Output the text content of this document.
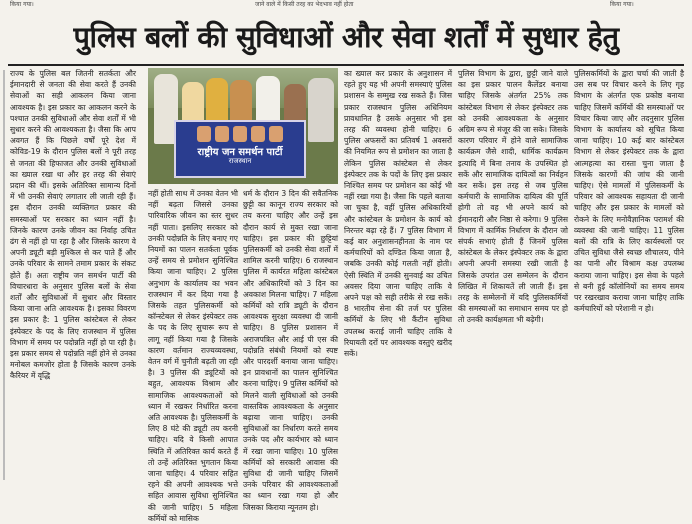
किया गया।	जाने वाले में किसी तरह का भेदभाव नहीं होता	किया गया।
पुलिस बलों की सुविधाओं और सेवा शर्तों में सुधार हेतु

राज्य के पुलिस बल जितनी सतर्कता और ईमानदारी से जनता की सेवा करते हैं उनकी सेवाओं का सही आकलन किया जाना आवश्यक है। इस प्रकार का आकलन करने के पश्चात उनकी सुविधाओं और सेवा शर्तों में भी सुधार करने की आवश्यकता है। जैसा कि आप अवगत हैं कि पिछले वर्षों पूरे देश में कोविड-19 के दौरान पुलिस बलों ने पूरी तरह से जनता की हिफाजत और उनकी सुविधाओं का ख्याल रखा था और हर तरह की सेवाएं प्रदान की थीं। इसके अतिरिक्त सामान्य दिनों में भी उनकी सेवाएं लगातार ली जाती रही हैं। इस दौरान उनकी व्यक्तिगत प्रकार की समस्याओं पर सरकार का ध्यान नहीं है। जिनके कारण उनके जीवन का निर्वाह उचित ढंग से नहीं हो पा रहा है और जिसके कारण वे अपनी ड्यूटी बड़ी मुश्किल से कर पाते हैं और उनके परिवार के सामने तमाम प्रकार के संकट होते हैं। अतः राष्ट्रीय जन समर्थन पार्टी की विचारधारा के अनुसार पुलिस बलों के सेवा शर्तों और सुविधाओं में सुधार और विस्तार किया जाना अति आवश्यक है। इसका विवरण इस प्रकार है: 1 पुलिस कांस्टेबल से लेकर इंस्पेक्टर के पद के लिए राजस्थान में पुलिस विभाग में समय पर पदोन्नति नहीं हो पा रही है। इस प्रकार समय से पदोन्नति नहीं होने से उनका मनोबल कमजोर होता है जिसके कारण उनके कैरियर में वृद्धि

राष्ट्रीय जन समर्थन पार्टी
राजस्थान

नहीं होती साथ में उनका वेतन भी नहीं बढ़ता जिससे उनका पारिवारिक जीवन का स्तर सुधर नहीं पाता। इसलिए सरकार को उनकी पदोन्नति के लिए बनाए गए नियमों का पालन सतर्कता पूर्वक उन्हें समय से प्रमोशन सुनिश्चित किया जाना चाहिए। 2 पुलिस अनुभाग के कार्यालय का भवन राजस्थान में कर दिया गया है जिसके तहत पुलिसकर्मी को कॉन्स्टेबल से लेकर इंस्पेक्टर तक के पद के लिए सुचारू रूप से लागू नहीं किया गया है जिसके कारण वर्तमान राज्यव्यवस्था, वेतन वर्ग में चुनौती बढ़ती जा रही है। 3 पुलिस की ड्यूटियों को बहुत, आवश्यक विश्राम और सामाजिक आवश्यकताओं को ध्यान में रखकर निर्धारित करना अति आवश्यक है। पुलिसकर्मी के लिए 8 घंटे की ड्यूटी तय करनी चाहिए। यदि वे किसी आपात स्थिति में अतिरिक्त कार्य करते हैं तो उन्हें अतिरिक्त भुगतान किया जाना चाहिए। 4 परिवार सहित रहने की अपनी आवश्यक भत्ते सहित आवास सुविधा सुनिश्चित की जानी चाहिए। 5 महिला कर्मियों को मासिक

धर्म के दौरान 3 दिन की सवैतनिक छुट्टी का कानून राज्य सरकार को तय करना चाहिए और उन्हें इस दौरान कार्य से मुक्त रखा जाना चाहिए। इस प्रकार की छुट्टियां पुलिसकर्मी को उनकी सेवा शर्तों में शामिल करनी चाहिए। 6 राजस्थान पुलिस में कार्यरत महिला कांस्टेबल और अधिकारियों को 3 दिन का अवकाश मिलना चाहिए। 7 महिला कर्मियों को रात्रि ड्यूटी के दौरान आवश्यक सुरक्षा व्यवस्था दी जानी चाहिए। 8 पुलिस प्रशासन में अराजपत्रित और आई पी एस की पदोन्नति संबंधी नियमों को स्पष्ट और पारदर्शी बनाया जाना चाहिए। इन प्रावधानों का पालन सुनिश्चित करना चाहिए। 9 पुलिस कर्मियों को मिलने वाली सुविधाओं को उनकी वास्तविक आवश्यकता के अनुसार बढ़ाया जाना चाहिए। उनकी सुविधाओं का निर्धारण करते समय उनके पद और कार्यभार को ध्यान में रखा जाना चाहिए। 10 पुलिस कर्मियों को सरकारी आवास की सुविधा दी जानी चाहिए जिसमें उनके परिवार की आवश्यकताओं का ध्यान रखा गया हो और जिसका किराया न्यूनतम हो।

का ख्याल कर प्रकार के अनुशासन में रहते हुए यह भी अपनी समस्याएं पुलिस प्रशासन के सम्मुख रख सकते हैं। जिस प्रकार राजस्थान पुलिस अधिनियम प्रावधानित है उसके अनुसार भी इस तरह की व्यवस्था होनी चाहिए। 6 पुलिस अफसरों का प्रतिवर्ष 1 अवसरों की नियमित रूप से प्रमोशन का जाता है लेकिन पुलिस कांस्टेबल से लेकर इंस्पेक्टर तक के पदों के लिए इस प्रकार निश्चित समय पर प्रमोशन का कोई भी नहीं रखा गया है। जैसा कि पहले बताया जा चुका है, वहीं पुलिस अधिकारियों और कांस्टेबल के प्रमोशन के कार्य को निरन्तर बढ़ा रहे हैं। 7 पुलिस विभाग में कई बार अनुशासनहीनता के नाम पर कर्मचारियों को दण्डित किया जाता है, जबकि उनकी कोई गलती नहीं होती। ऐसी स्थिति में उनकी सुनवाई का उचित अवसर दिया जाना चाहिए ताकि वे अपने पक्ष को सही तरीके से रख सकें। 8 भारतीय सेना की तर्ज पर पुलिस कर्मियों के लिए भी कैंटीन सुविधा उपलब्ध कराई जानी चाहिए ताकि वे रियायती दरों पर आवश्यक वस्तुएं खरीद सकें।

पुलिस विभाग के द्वारा, छुट्टी जाने वाले का इस प्रकार पालन कैलेंडर बनाया चाहिए जिसके अंतर्गत 25% तक कांस्टेबल विभाग से लेकर इंस्पेक्टर तक को उनकी आवश्यकता के अनुसार अग्रिम रूप से मंजूर की जा सके। जिसके कारण परिवार में होने वाले सामाजिक कार्यक्रम जैसे शादी, धार्मिक कार्यक्रम इत्यादि में बिना तनाव के उपस्थित हो सकें और सामाजिक दायित्वों का निर्वहन कर सकें। इस तरह से जब पुलिस कर्मचारी के सामाजिक दायित्व की पूर्ति होगी तो वह भी अपने कार्य को ईमानदारी और निष्ठा से करेगा। 9 पुलिस विभाग में कार्मिक निर्धारण के दौरान जो संपर्क सभाएं होती हैं जिनमें पुलिस कांस्टेबल के लेकर इंस्पेक्टर तक के द्वारा अपनी अपनी समस्या रखी जाती है जिसके उपरांत उस सम्मेलन के दौरान लिखित में शिकायतें ली जाती हैं। इस तरह के सम्मेलनों में यदि पुलिसकर्मियों की समस्याओं का समाधान समय पर हो तो उनकी कार्यक्षमता भी बढ़ेगी।

पुलिसकर्मियों के द्वारा चर्चा की जाती है उस सब पर विचार करने के लिए गृह विभाग के अंतर्गत एक प्रकोष्ठ बनाया चाहिए जिसमें कर्मियों की समस्याओं पर विचार किया जाए और तदनुसार पुलिस विभाग के कार्यालय को सूचित किया जाना चाहिए। 10 कई बार कांस्टेबल विभाग से लेकर इंस्पेक्टर तक के द्वारा आत्महत्या का रास्ता चुना जाता है जिसके कारणों की जांच की जानी चाहिए। ऐसे मामलों में पुलिसकर्मी के परिवार को आवश्यक सहायता दी जानी चाहिए और इस प्रकार के मामलों को रोकने के लिए मनोवैज्ञानिक परामर्श की व्यवस्था की जानी चाहिए। 11 पुलिस बलों की रात्रि के लिए कार्यस्थलों पर उचित सुविधा जैसे स्वच्छ शौचालय, पीने का पानी और विश्राम कक्ष उपलब्ध कराया जाना चाहिए। इस सेवा के पहले से बनी हुई कॉलोनियों का समय समय पर रखरखाव कराया जाना चाहिए ताकि कर्मचारियों को परेशानी न हो।
